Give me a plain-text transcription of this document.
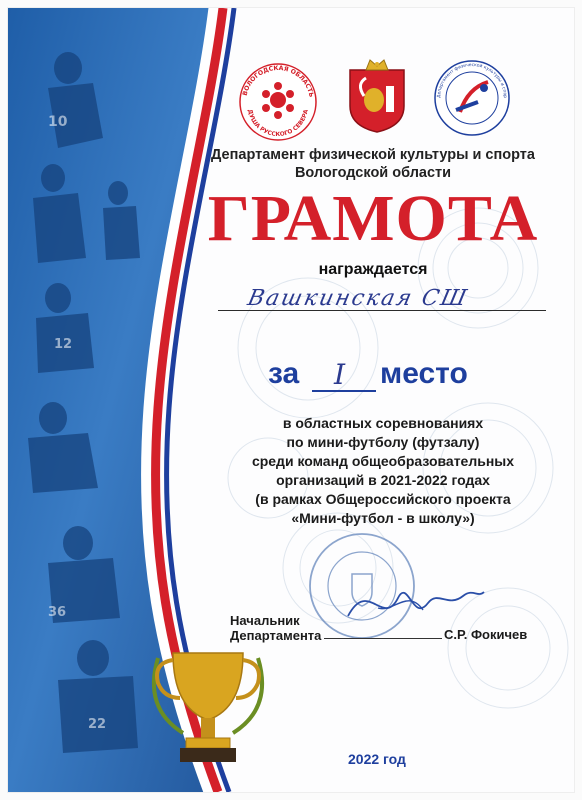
10
12
36
22
ВОЛОГОДСКАЯ ОБЛАСТЬ
ДУША РУССКОГО СЕВЕРА
Департамент физической культуры и спор
Департамент физической культуры и спорта
Вологодской области
ГРАМОТА
награждается
Вашкинская СШ
за I место
в областных соревнованиях
по мини-футболу (футзалу)
среди команд общеобразовательных
организаций в 2021-2022 годах
(в рамках Общероссийского проекта
«Мини-футбол - в школу»)
Начальник
Департамента	С.Р. Фокичев
2022 год
